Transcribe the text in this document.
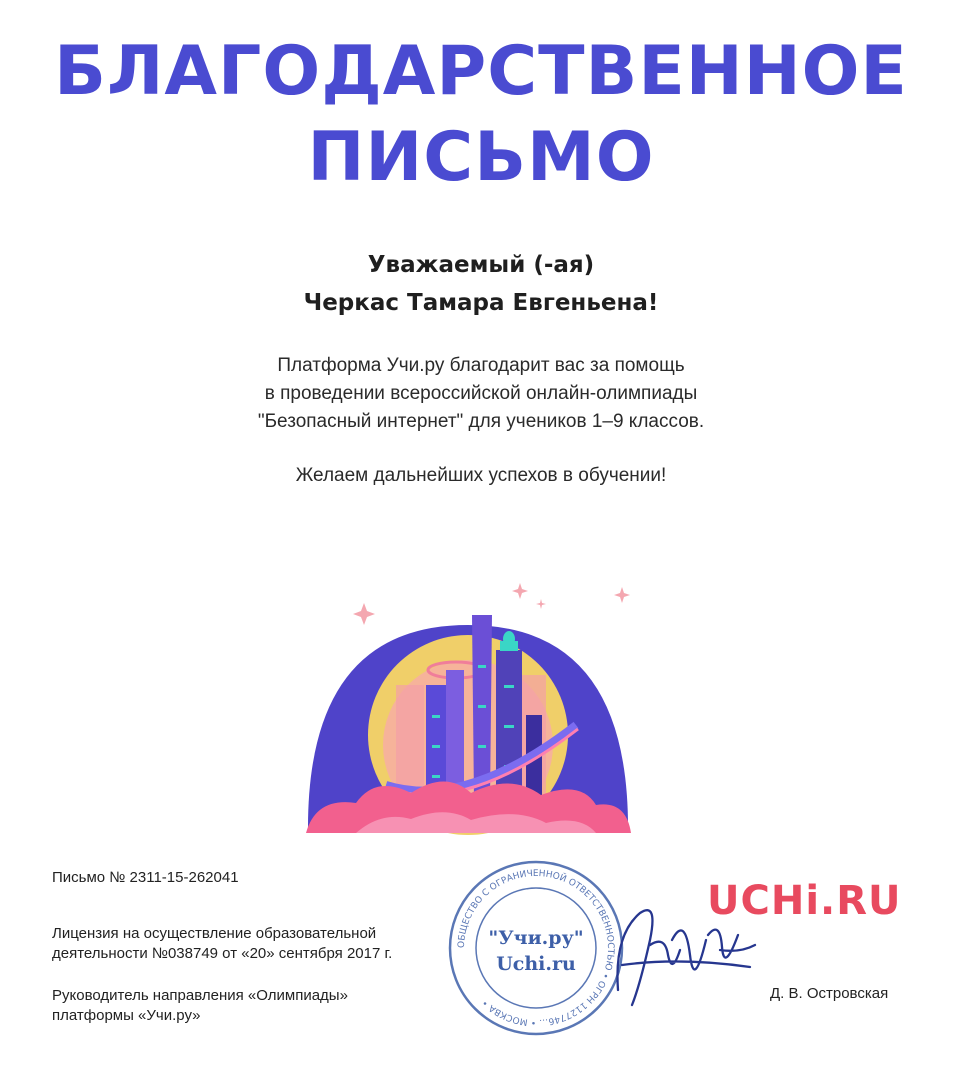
БЛАГОДАРСТВЕННОЕ
ПИСЬМО
Уважаемый (-ая)
Черкас Тамара Евгеньена!
Платформа Учи.ру благодарит вас за помощь
в проведении всероссийской онлайн-олимпиады
"Безопасный интернет" для учеников 1–9 классов.
Желаем дальнейших успехов в обучении!
Письмо № 2311-15-262041
Лицензия на осуществление образовательной
деятельности №038749 от «20» сентября 2017 г.
Руководитель направления «Олимпиады»
платформы «Учи.ру»
ОБЩЕСТВО С ОГРАНИЧЕННОЙ ОТВЕТСТВЕННОСТЬЮ • ОГРН 1127746… • МОСКВА •
"Учи.ру"
Uchi.ru
UCHi.RU
Д. В. Островская
